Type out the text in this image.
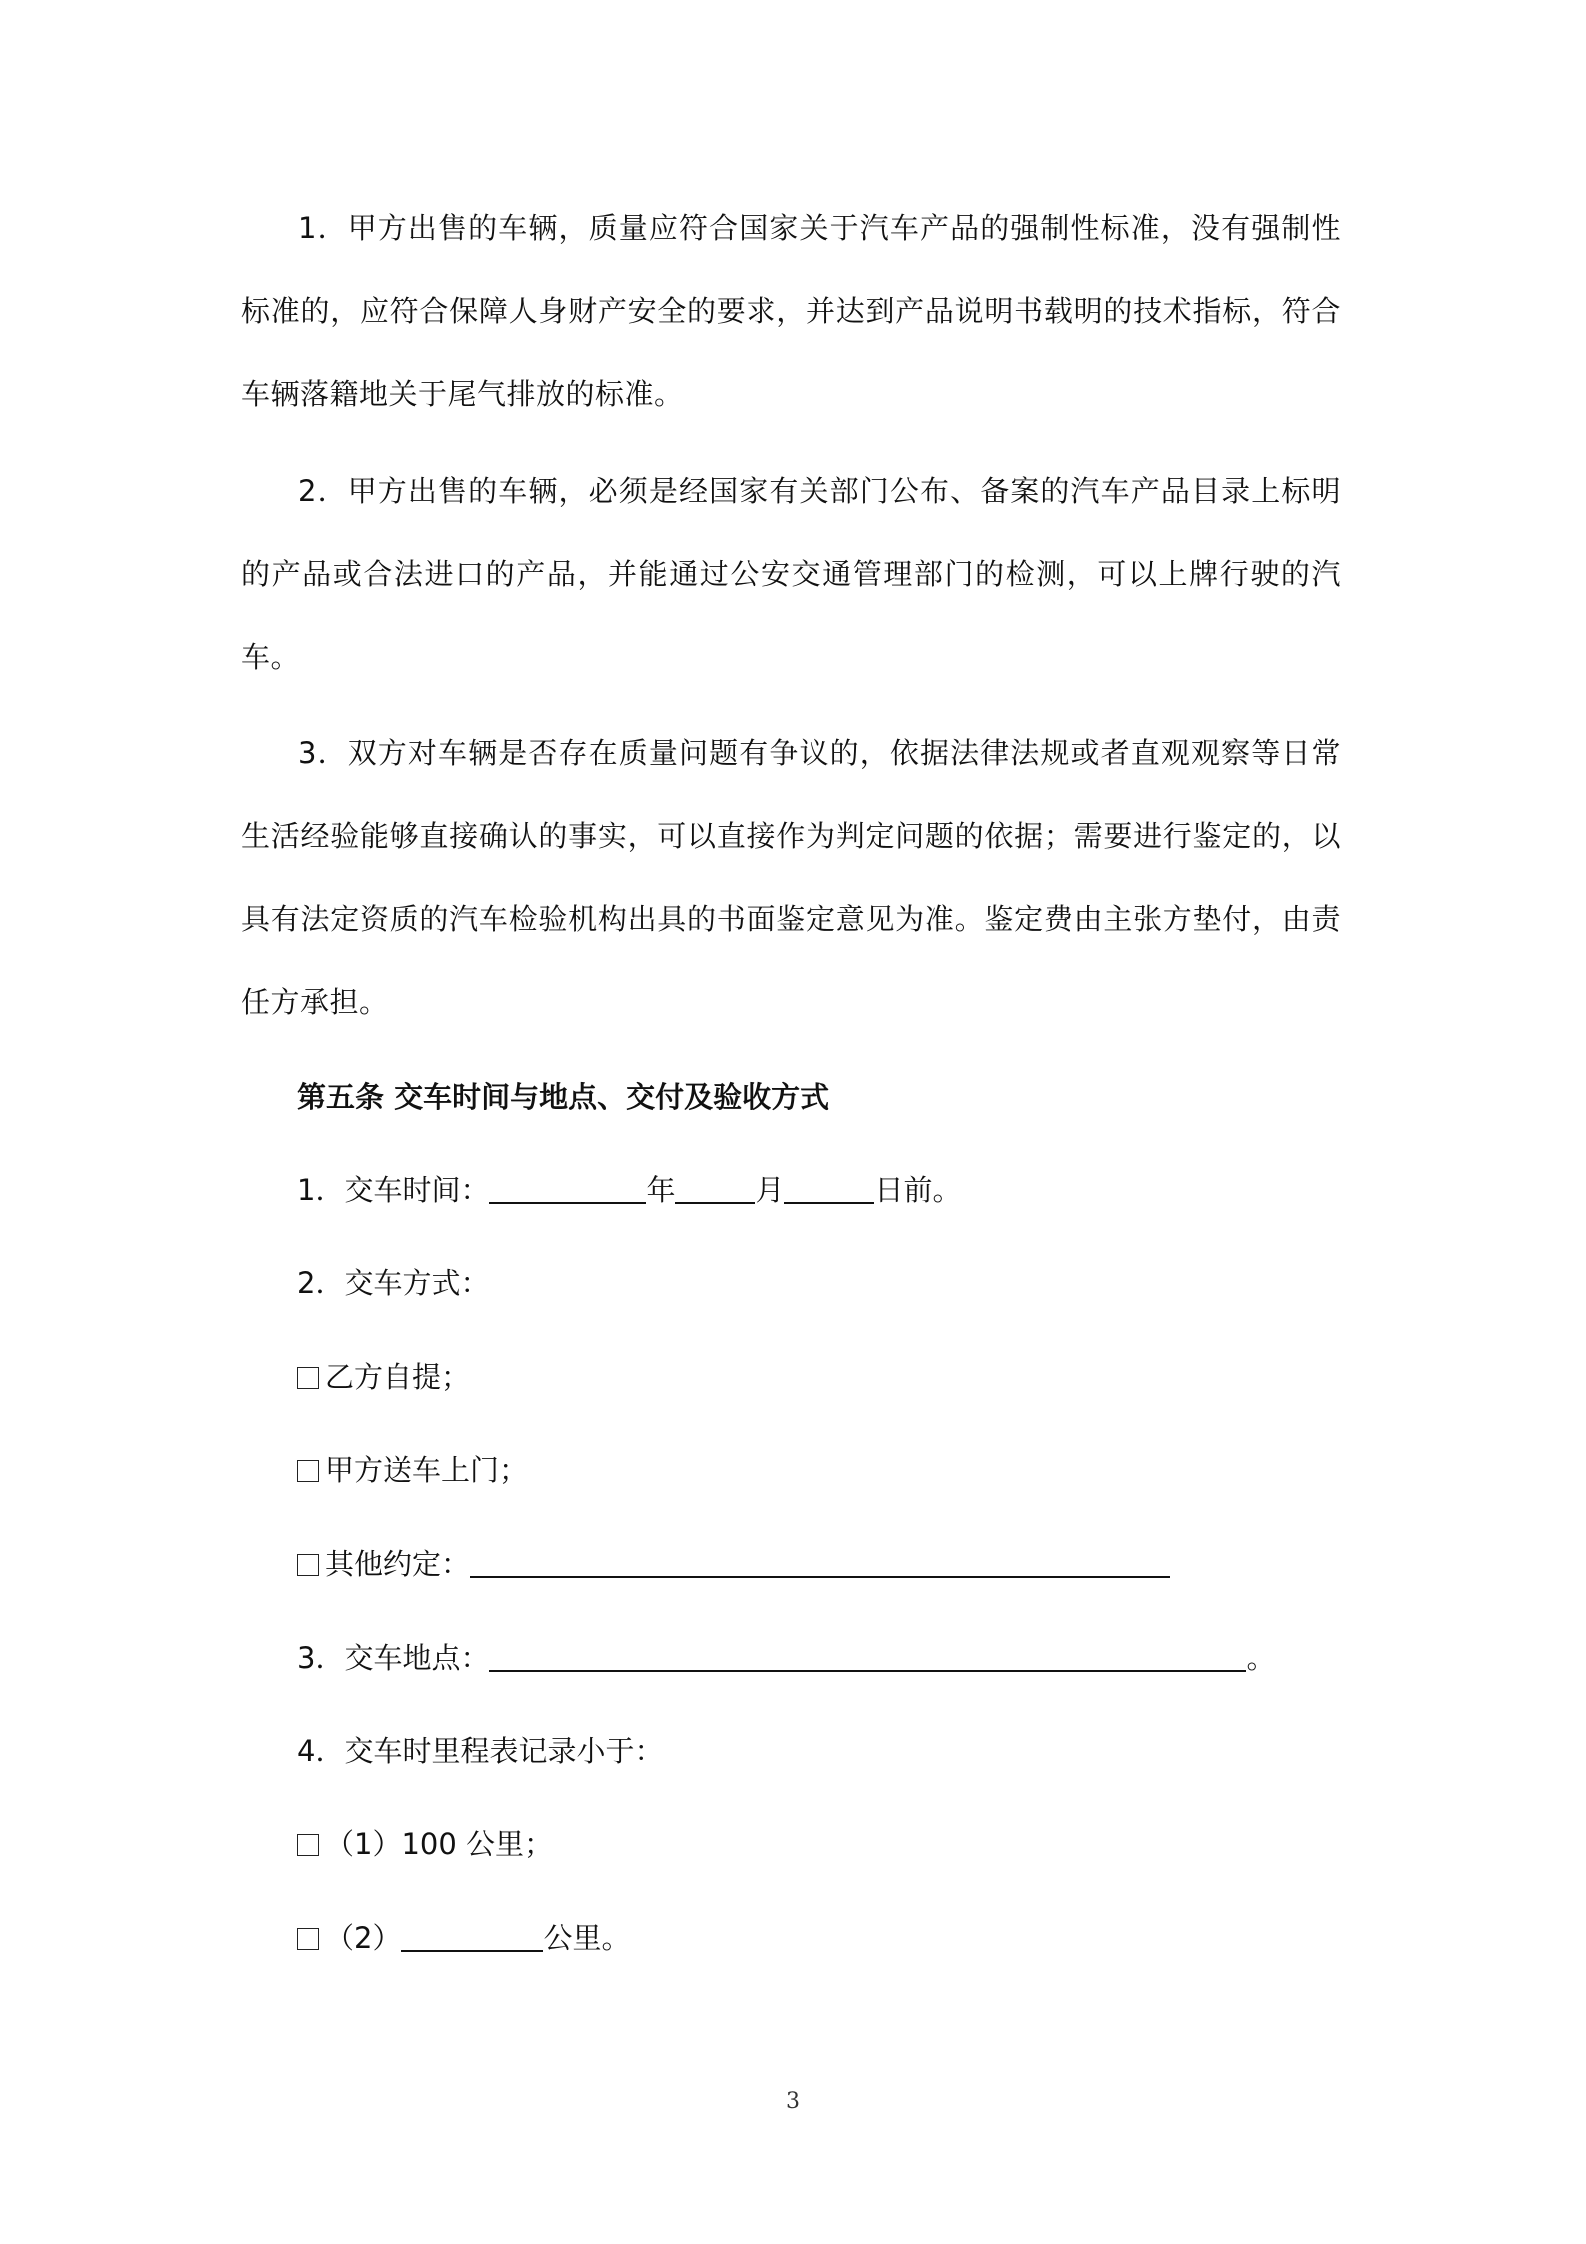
1．甲方出售的车辆，质量应符合国家关于汽车产品的强制性标准，没有强制性标准的，应符合保障人身财产安全的要求，并达到产品说明书载明的技术指标，符合车辆落籍地关于尾气排放的标准。

2．甲方出售的车辆，必须是经国家有关部门公布、备案的汽车产品目录上标明的产品或合法进口的产品，并能通过公安交通管理部门的检测，可以上牌行驶的汽车。

3．双方对车辆是否存在质量问题有争议的，依据法律法规或者直观观察等日常生活经验能够直接确认的事实，可以直接作为判定问题的依据；需要进行鉴定的，以具有法定资质的汽车检验机构出具的书面鉴定意见为准。鉴定费由主张方垫付，由责任方承担。

第五条 交车时间与地点、交付及验收方式

1．交车时间：	年	月	日前。

2．交车方式：

乙方自提；

甲方送车上门；

其他约定：

3．交车地点：	。

4．交车时里程表记录小于：

（1）100 公里；

（2）	公里。

3
